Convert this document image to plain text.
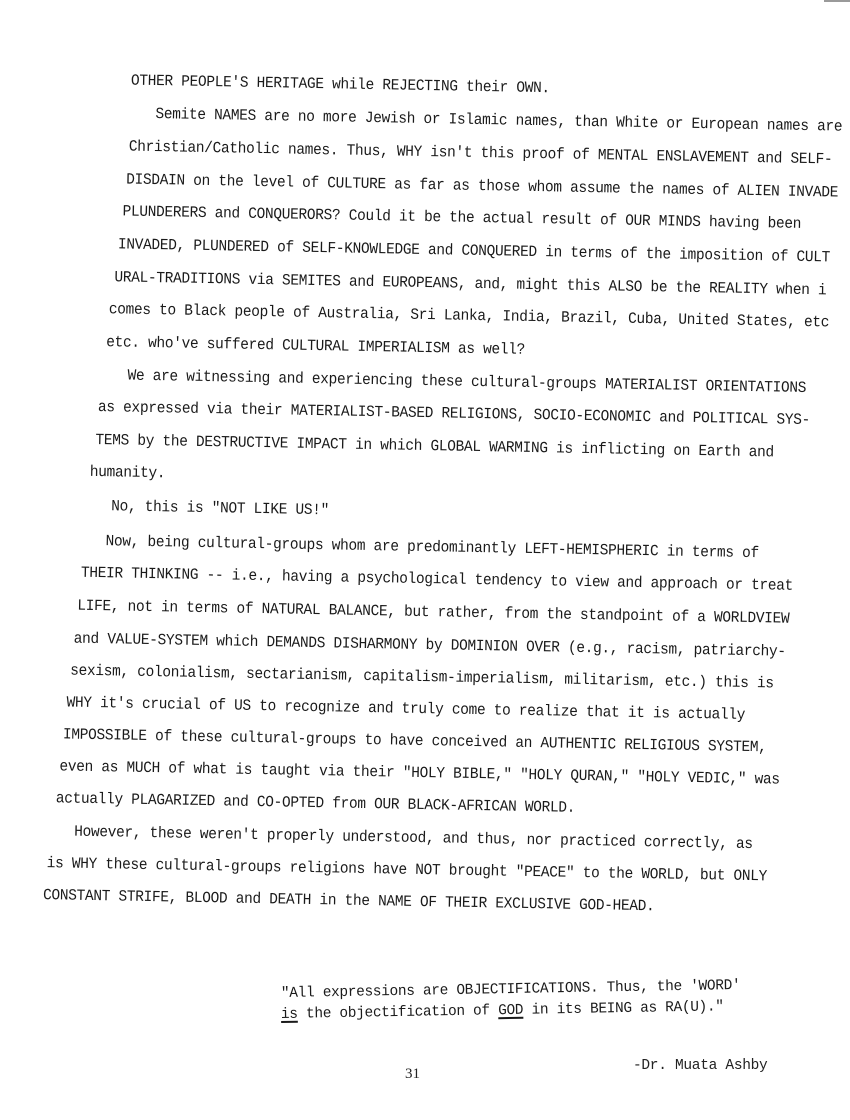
OTHER PEOPLE'S HERITAGE while REJECTING their OWN.
Semite NAMES are no more Jewish or Islamic names, than White or European names are
Christian/Catholic names. Thus, WHY isn't this proof of MENTAL ENSLAVEMENT and SELF-
DISDAIN on the level of CULTURE as far as those whom assume the names of ALIEN INVADE
PLUNDERERS and CONQUERORS? Could it be the actual result of OUR MINDS having been
INVADED, PLUNDERED of SELF-KNOWLEDGE and CONQUERED in terms of the imposition of CULT
URAL-TRADITIONS via SEMITES and EUROPEANS, and, might this ALSO be the REALITY when i
comes to Black people of Australia, Sri Lanka, India, Brazil, Cuba, United States, etc
etc. who've suffered CULTURAL IMPERIALISM as well?
We are witnessing and experiencing these cultural-groups MATERIALIST ORIENTATIONS
as expressed via their MATERIALIST-BASED RELIGIONS, SOCIO-ECONOMIC and POLITICAL SYS-
TEMS by the DESTRUCTIVE IMPACT in which GLOBAL WARMING is inflicting on Earth and
humanity.
No, this is "NOT LIKE US!"
Now, being cultural-groups whom are predominantly LEFT-HEMISPHERIC in terms of
THEIR THINKING -- i.e., having a psychological tendency to view and approach or treat
LIFE, not in terms of NATURAL BALANCE, but rather, from the standpoint of a WORLDVIEW
and VALUE-SYSTEM which DEMANDS DISHARMONY by DOMINION OVER (e.g., racism, patriarchy-
sexism, colonialism, sectarianism, capitalism-imperialism, militarism, etc.) this is
WHY it's crucial of US to recognize and truly come to realize that it is actually
IMPOSSIBLE of these cultural-groups to have conceived an AUTHENTIC RELIGIOUS SYSTEM,
even as MUCH of what is taught via their "HOLY BIBLE," "HOLY QURAN," "HOLY VEDIC," was
actually PLAGARIZED and CO-OPTED from OUR BLACK-AFRICAN WORLD.
However, these weren't properly understood, and thus, nor practiced correctly, as
is WHY these cultural-groups religions have NOT brought "PEACE" to the WORLD, but ONLY
CONSTANT STRIFE, BLOOD and DEATH in the NAME OF THEIR EXCLUSIVE GOD-HEAD.
"All expressions are OBJECTIFICATIONS. Thus, the 'WORD'
is the objectification of GOD in its BEING as RA(U)."
-Dr. Muata Ashby
31
